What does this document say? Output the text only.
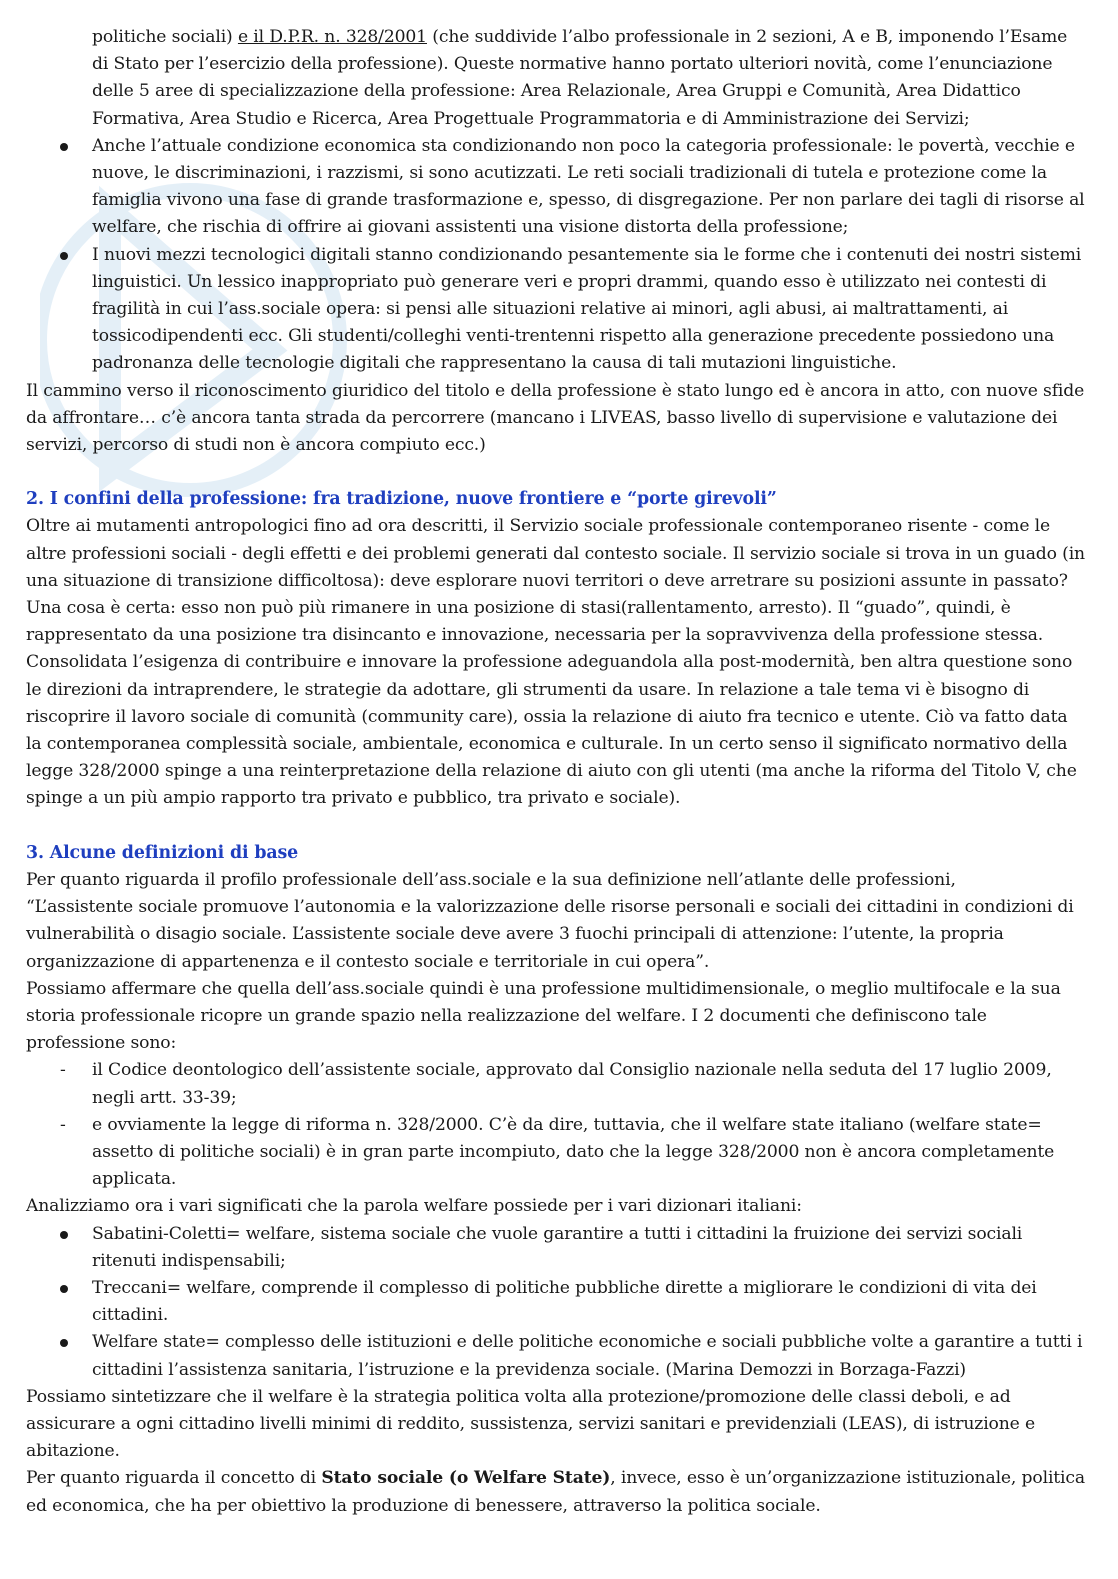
politiche sociali) e il D.P.R. n. 328/2001 (che suddivide l’albo professionale in 2 sezioni, A e B, imponendo l’Esame di Stato per l’esercizio della professione). Queste normative hanno portato ulteriori novità, come l’enunciazione delle 5 aree di specializzazione della professione: Area Relazionale, Area Gruppi e Comunità, Area Didattico Formativa, Area Studio e Ricerca, Area Progettuale Programmatoria e di Amministrazione dei Servizi;

Anche l’attuale condizione economica sta condizionando non poco la categoria professionale: le povertà, vecchie e nuove, le discriminazioni, i razzismi, si sono acutizzati. Le reti sociali tradizionali di tutela e protezione come la famiglia vivono una fase di grande trasformazione e, spesso, di disgregazione. Per non parlare dei tagli di risorse al welfare, che rischia di offrire ai giovani assistenti una visione distorta della professione;
I nuovi mezzi tecnologici digitali stanno condizionando pesantemente sia le forme che i contenuti dei nostri sistemi linguistici. Un lessico inappropriato può generare veri e propri drammi, quando esso è utilizzato nei contesti di fragilità in cui l’ass.sociale opera: si pensi alle situazioni relative ai minori, agli abusi, ai maltrattamenti, ai tossicodipendenti ecc. Gli studenti/colleghi venti-trentenni rispetto alla generazione precedente possiedono una padronanza delle tecnologie digitali che rappresentano la causa di tali mutazioni linguistiche.

Il cammino verso il riconoscimento giuridico del titolo e della professione è stato lungo ed è ancora in atto, con nuove sfide da affrontare… c’è ancora tanta strada da percorrere (mancano i LIVEAS, basso livello di supervisione e valutazione dei servizi, percorso di studi non è ancora compiuto ecc.)

2. I confini della professione: fra tradizione, nuove frontiere e “porte girevoli”

Oltre ai mutamenti antropologici fino ad ora descritti, il Servizio sociale professionale contemporaneo risente - come le altre professioni sociali - degli effetti e dei problemi generati dal contesto sociale. Il servizio sociale si trova in un guado (in una situazione di transizione difficoltosa): deve esplorare nuovi territori o deve arretrare su posizioni assunte in passato?

Una cosa è certa: esso non può più rimanere in una posizione di stasi(rallentamento, arresto). Il “guado”, quindi, è rappresentato da una posizione tra disincanto e innovazione, necessaria per la sopravvivenza della professione stessa.

Consolidata l’esigenza di contribuire e innovare la professione adeguandola alla post-modernità, ben altra questione sono le direzioni da intraprendere, le strategie da adottare, gli strumenti da usare. In relazione a tale tema vi è bisogno di riscoprire il lavoro sociale di comunità (community care), ossia la relazione di aiuto fra tecnico e utente. Ciò va fatto data la contemporanea complessità sociale, ambientale, economica e culturale. In un certo senso il significato normativo della legge 328/2000 spinge a una reinterpretazione della relazione di aiuto con gli utenti (ma anche la riforma del Titolo V, che spinge a un più ampio rapporto tra privato e pubblico, tra privato e sociale).

3. Alcune definizioni di base

Per quanto riguarda il profilo professionale dell’ass.sociale e la sua definizione nell’atlante delle professioni,

“L’assistente sociale promuove l’autonomia e la valorizzazione delle risorse personali e sociali dei cittadini in condizioni di vulnerabilità o disagio sociale. L’assistente sociale deve avere 3 fuochi principali di attenzione: l’utente, la propria organizzazione di appartenenza e il contesto sociale e territoriale in cui opera”.

Possiamo affermare che quella dell’ass.sociale quindi è una professione multidimensionale, o meglio multifocale e la sua storia professionale ricopre un grande spazio nella realizzazione del welfare. I 2 documenti che definiscono tale professione sono:

- il Codice deontologico dell’assistente sociale, approvato dal Consiglio nazionale nella seduta del 17 luglio 2009, negli artt. 33-39;
- e ovviamente la legge di riforma n. 328/2000. C’è da dire, tuttavia, che il welfare state italiano (welfare state= assetto di politiche sociali) è in gran parte incompiuto, dato che la legge 328/2000 non è ancora completamente applicata.

Analizziamo ora i vari significati che la parola welfare possiede per i vari dizionari italiani:

Sabatini-Coletti= welfare, sistema sociale che vuole garantire a tutti i cittadini la fruizione dei servizi sociali ritenuti indispensabili;
Treccani= welfare, comprende il complesso di politiche pubbliche dirette a migliorare le condizioni di vita dei cittadini.
Welfare state= complesso delle istituzioni e delle politiche economiche e sociali pubbliche volte a garantire a tutti i cittadini l’assistenza sanitaria, l’istruzione e la previdenza sociale. (Marina Demozzi in Borzaga-Fazzi)

Possiamo sintetizzare che il welfare è la strategia politica volta alla protezione/promozione delle classi deboli, e ad assicurare a ogni cittadino livelli minimi di reddito, sussistenza, servizi sanitari e previdenziali (LEAS), di istruzione e abitazione.

Per quanto riguarda il concetto di Stato sociale (o Welfare State), invece, esso è un’organizzazione istituzionale, politica ed economica, che ha per obiettivo la produzione di benessere, attraverso la politica sociale.
